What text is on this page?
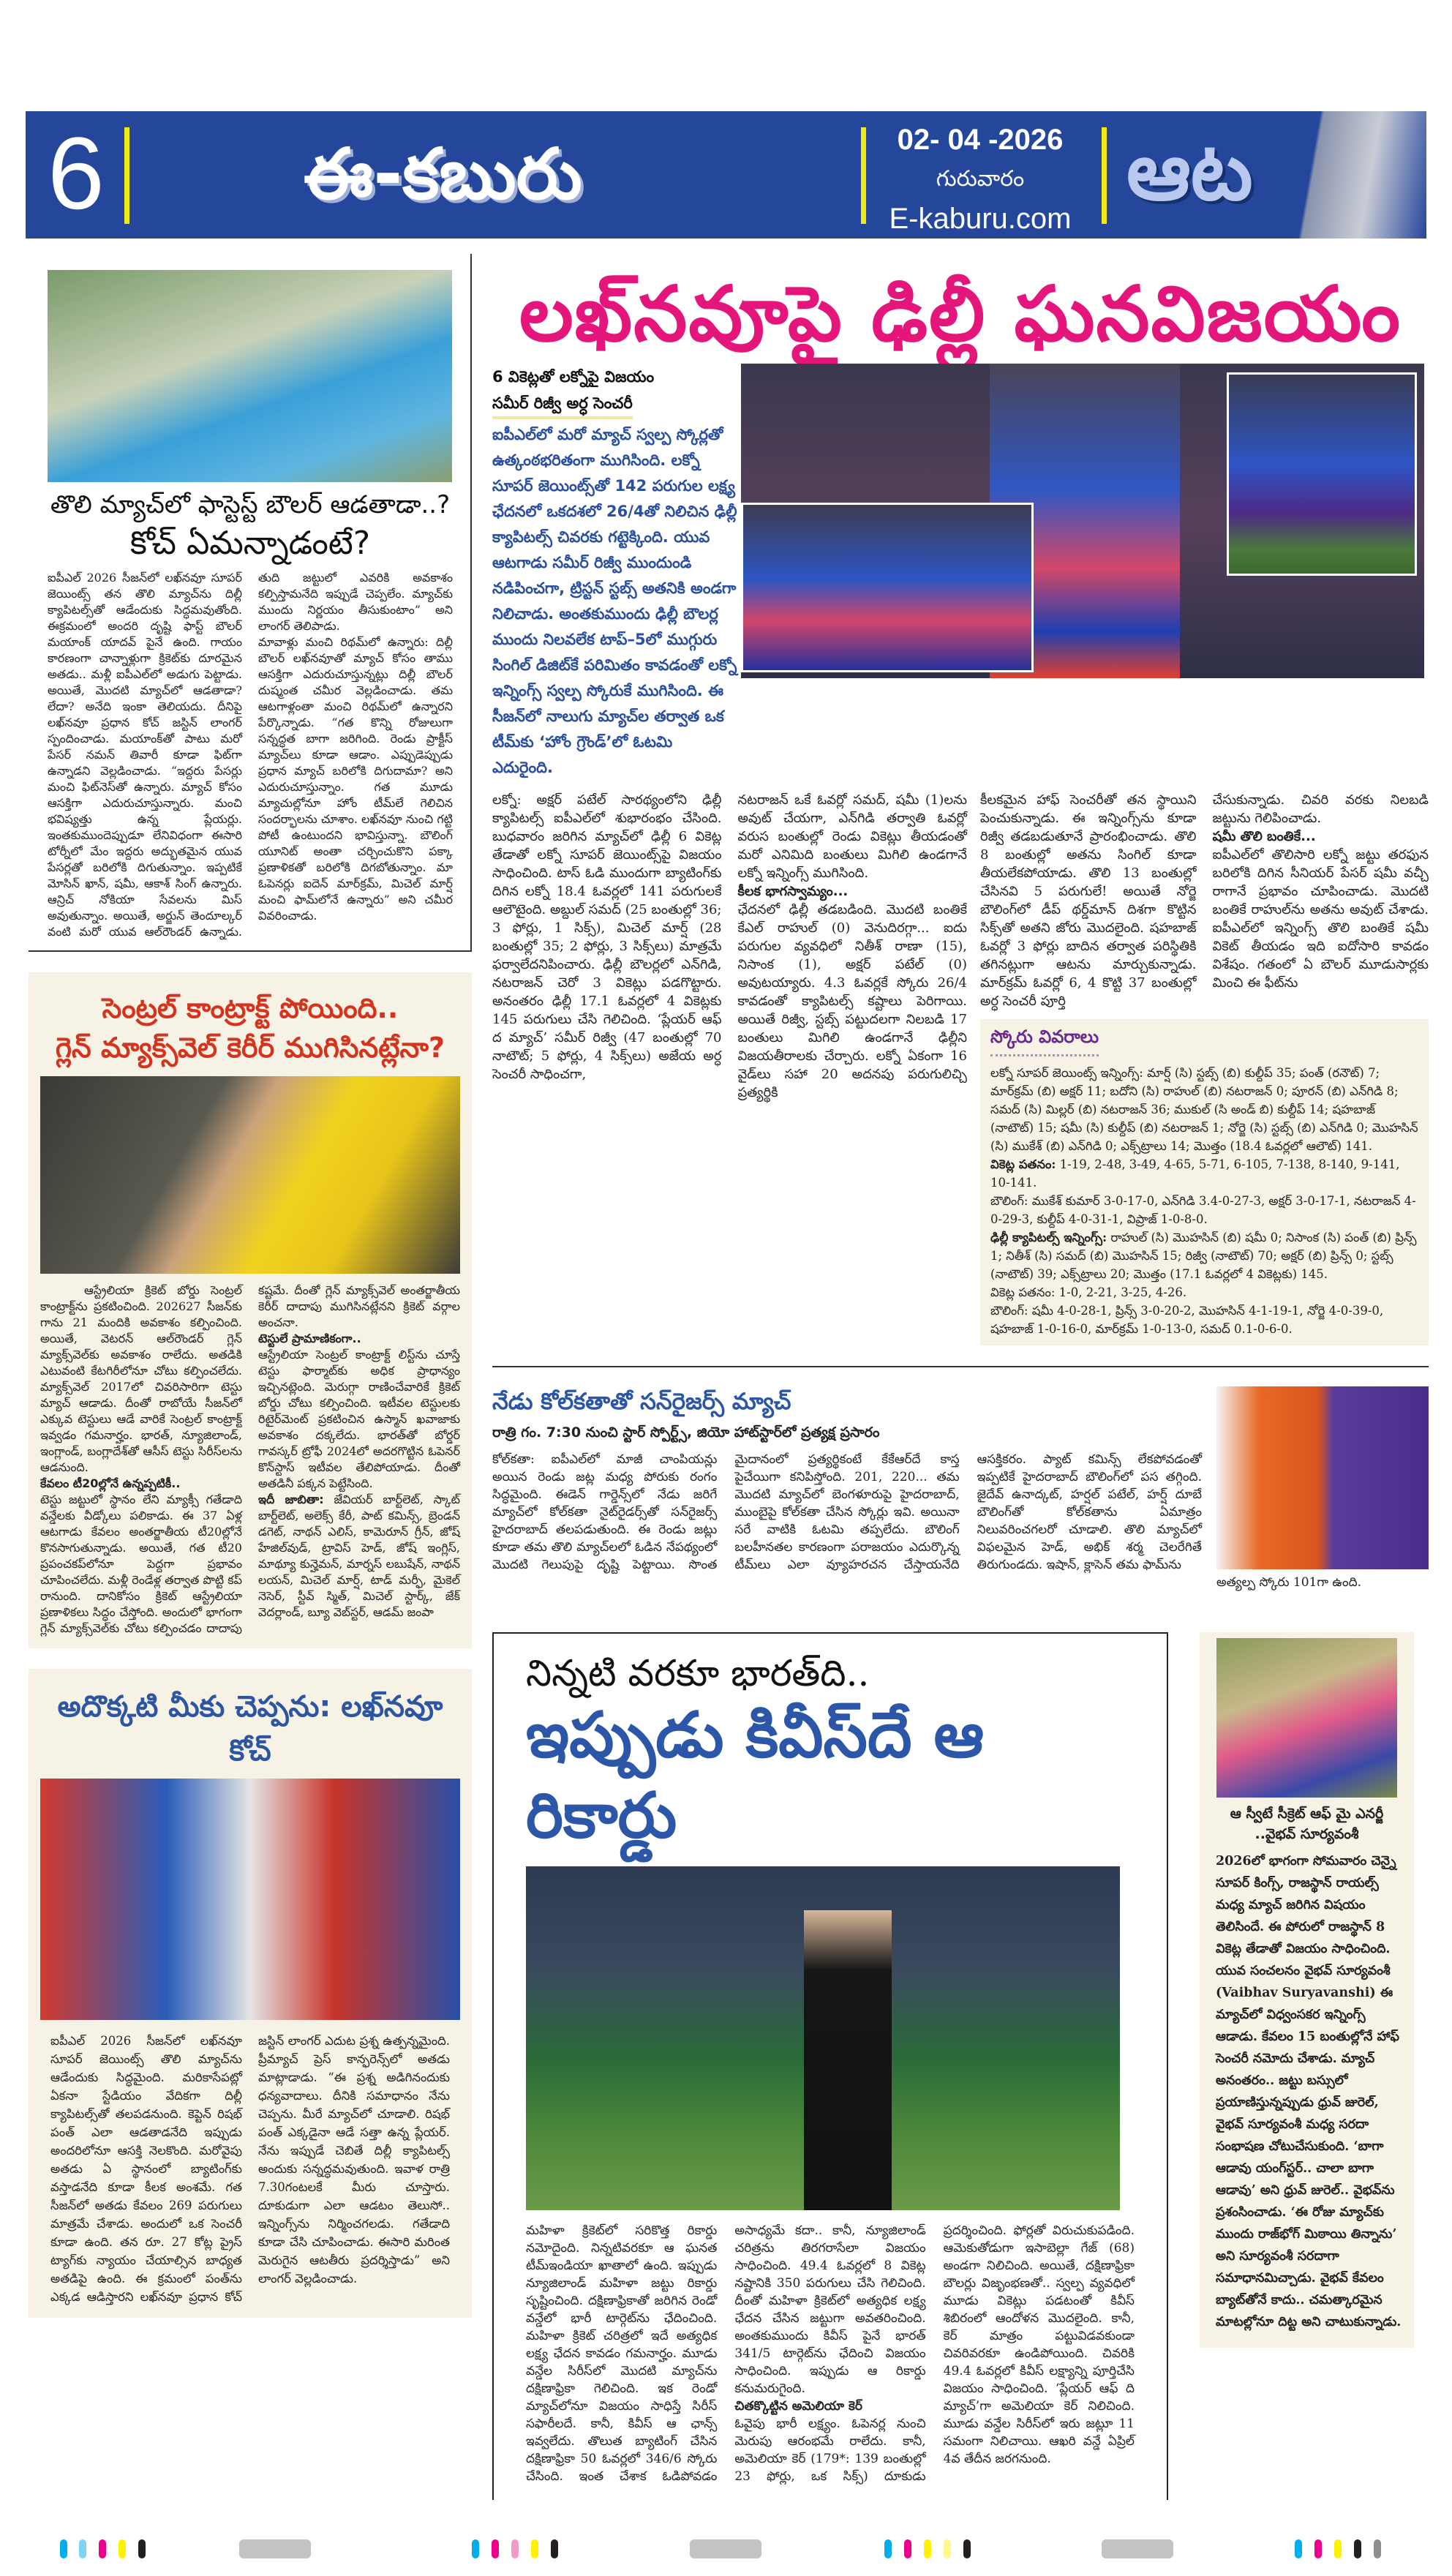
6	ఈ-కబురు	02- 04 -2026
గురువారం
E-kaburu.com
ఆట
తొలి మ్యాచ్‌లో ఫాస్టెస్ట్ బౌలర్ ఆడతాడా..?
కోచ్ ఏమన్నాడంటే?

ఐపీఎల్ 2026 సీజన్‌లో లఖ్‌నవూ సూపర్ జెయింట్స్ తన తొలి మ్యాచ్‌ను దిల్లీ క్యాపిటల్స్‌తో ఆడేందుకు సిద్ధమవుతోంది. ఈక్రమంలో అందరి దృష్టి ఫాస్ట్ బౌలర్ మయాంక్ యాదవ్ పైనే ఉంది. గాయం కారణంగా చాన్నాళ్లుగా క్రికెట్‌కు దూరమైన అతడు.. మళ్లీ ఐపీఎల్‌లో అడుగు పెట్టాడు. అయితే, మొదటి మ్యాచ్‌లో ఆడతాడా? లేదా? అనేది ఇంకా తెలియదు. దీనిపై లఖ్‌నవూ ప్రధాన కోచ్ జస్టిన్ లాంగర్ స్పందించాడు. మయాంక్‌తో పాటు మరో పేసర్ నమన్ తివారీ కూడా ఫిట్‌గా ఉన్నాడని వెల్లడించాడు. “ఇద్దరు పేసర్లు మంచి ఫిట్‌నెస్‌తో ఉన్నారు. మ్యాచ్ కోసం ఆసక్తిగా ఎదురుచూస్తున్నారు. మంచి భవిష్యత్తు ఉన్న ప్లేయర్లు. ఇంతకుముందెప్పుడూ లేనివిధంగా ఈసారి టోర్నీలో మేం ఇద్దరు అద్భుతమైన యువ పేసర్లతో బరిలోకి దిగుతున్నాం. ఇప్పటికే మోసిన్ ఖాన్, షమీ, ఆకాశ్ సింగ్ ఉన్నారు. ఆన్రిచ్ నోకియా సేవలను మిస్ అవుతున్నాం. అయితే, అర్జున్ తెందూల్కర్ వంటి మరో యువ ఆల్‌రౌండర్ ఉన్నాడు. తుది జట్టులో ఎవరికి అవకాశం కల్పిస్తామనేది ఇప్పుడే చెప్పలేం. మ్యాచ్‌కు ముందు నిర్ణయం తీసుకుంటాం” అని లాంగర్ తెలిపాడు.

మావాళ్లు మంచి రిథమ్‌లో ఉన్నారు: దిల్లీ బౌలర్ లఖ్‌నవూతో మ్యాచ్ కోసం తాము ఆసక్తిగా ఎదురుచూస్తున్నట్లు దిల్లీ బౌలర్ దుష్మంత చమీర వెల్లడించాడు. తమ ఆటగాళ్లంతా మంచి రిథమ్‌లో ఉన్నారని పేర్కొన్నాడు. “గత కొన్ని రోజులుగా సన్నద్ధత బాగా జరిగింది. రెండు ప్రాక్టీస్ మ్యాచ్‌లు కూడా ఆడాం. ఎప్పుడెప్పుడు ప్రధాన మ్యాచ్ బరిలోకి దిగుదామా? అని ఎదురుచూస్తున్నాం. గత మూడు మ్యాచుల్లోనూ హోం టీమ్‌లే గెలిచిన సందర్భాలను చూశాం. లఖ్‌నవూ నుంచి గట్టి పోటీ ఉంటుందని భావిస్తున్నా. బౌలింగ్ యూనిట్ అంతా చర్చించుకొని పక్కా ప్రణాళికతో బరిలోకి దిగబోతున్నాం. మా ఓపెనర్లు ఐదెన్ మార్‌క్రమ్, మిచెల్ మార్ష్ మంచి ఫామ్‌లోనే ఉన్నారు” అని చమీర వివరించాడు.

సెంట్రల్ కాంట్రాక్ట్ పోయింది..
గ్లెన్ మ్యాక్స్‌వెల్ కెరీర్ ముగిసినట్లేనా?

ఆస్ట్రేలియా క్రికెట్ బోర్డు సెంట్రల్ కాంట్రాక్ట్‌ను ప్రకటించింది. 202627 సీజన్‌కు గాను 21 మందికి అవకాశం కల్పించింది. అయితే, వెటరన్ ఆల్‌రౌండర్ గ్లెన్ మ్యాక్స్‌వెల్‌కు అవకాశం రాలేదు. అతడికి ఎటువంటి కేటగిరీలోనూ చోటు కల్పించలేదు. మ్యాక్స్‌వెల్ 2017లో చివరిసారిగా టెస్టు మ్యాచ్ ఆడాడు. దీంతో రాబోయే సీజన్‌లో ఎక్కువ టెస్టులు ఆడే వారికే సెంట్రల్ కాంట్రాక్ట్ ఇవ్వడం గమనార్హం. భారత్, న్యూజిలాండ్, ఇంగ్లాండ్, బంగ్లాదేశ్‌తో ఆసీస్ టెస్టు సిరీస్‌లను ఆడనుంది.

కేవలం టీ20ల్లోనే ఉన్నప్పటికీ..

టెస్టు జట్టులో స్థానం లేని మ్యాక్సీ గతేడాది వన్డేలకు వీడ్కోలు పలికాడు. ఈ 37 ఏళ్ల ఆటగాడు కేవలం అంతర్జాతీయ టీ20ల్లోనే కొనసాగుతున్నాడు. అయితే, గత టీ20 ప్రపంచకప్‌లోనూ పెద్దగా ప్రభావం చూపించలేదు. మళ్లీ రెండేళ్ల తర్వాత పొట్టి కప్ రానుంది. దానికోసం క్రికెట్ ఆస్ట్రేలియా ప్రణాళికలు సిద్ధం చేస్తోంది. అందులో భాగంగా గ్లెన్ మ్యాక్స్‌వెల్‌కు చోటు కల్పించడం దాదాపు కష్టమే. దీంతో గ్లెన్ మ్యాక్స్‌వెల్ అంతర్జాతీయ కెరీర్ దాదాపు ముగిసినట్లేనని క్రికెట్ వర్గాల అంచనా.

టెస్టులే ప్రామాణికంగా..

ఆస్ట్రేలియా సెంట్రల్ కాంట్రాక్ట్ లిస్ట్‌ను చూస్తే టెస్టు ఫార్మాట్‌కు అధిక ప్రాధాన్యం ఇచ్చినట్లెంది. మెరుగ్గా రాణించేవారికే క్రికెట్ బోర్డు చోటు కల్పించింది. ఇటీవల టెస్టులకు రిటైర్‌మెంట్ ప్రకటించిన ఉస్మాన్ ఖవాజాకు అవకాశం దక్కలేదు. భారత్‌తో బోర్డర్ గావస్కర్ ట్రోఫీ 2024లో అదరగొట్టిన ఓపెనర్ కొన్‌స్టాస్ ఇటీవల తేలిపోయాడు. దీంతో అతడినీ పక్కన పెట్టేసింది.

ఇదీ జాబితా: జేవియర్ బార్ట్‌లెట్, స్కాట్ బార్ట్‌లెట్, అలెక్స్ కేరీ, పాట్ కమిన్స్, బ్రెండన్ డగెట్, నాథన్ ఎలిస్, కామెరూన్ గ్రీన్, జోష్ హేజిల్‌వుడ్, ట్రావిస్ హెడ్, జోష్ ఇంగ్లిస్, మాథ్యూ కున్హెమన్, మార్నస్ లబుషేన్, నాథన్ లయన్, మిచెల్ మార్ష్, టాడ్ మర్ఫీ, మైకెల్ నెసెర్, స్టీవ్ స్మిత్, మిచెల్ స్టార్క్, జేక్ వెదర్లాండ్, బ్యూ వెబ్‌స్టర్, ఆడమ్ జంపా

అదొక్కటి మీకు చెప్పను: లఖ్‌నవూ కోచ్
ఐపీఎల్ 2026 సీజన్‌లో లఖ్‌నవూ సూపర్ జెయింట్స్ తొలి మ్యాచ్‌ను ఆడేందుకు సిద్ధమైంది. మరికాసేపట్లో ఏకనా స్టేడియం వేదికగా దిల్లీ క్యాపిటల్స్‌తో తలపడనుంది. కెప్టెన్ రిషభ్ పంత్ ఎలా ఆడతాడనేది ఇప్పుడు అందరిలోనూ ఆసక్తి నెలకొంది. మరోవైపు అతడు ఏ స్థానంలో బ్యాటింగ్‌కు వస్తాడనేది కూడా కీలక అంశమే. గత సీజన్‌లో అతడు కేవలం 269 పరుగులు మాత్రమే చేశాడు. అందులో ఒక సెంచరీ కూడా ఉంది. తన రూ. 27 కోట్ల ప్రైస్ ట్యాగ్‌కు న్యాయం చేయాల్సిన బాధ్యత అతడిపై ఉంది. ఈ క్రమంలో పంత్‌ను ఎక్కడ ఆడిస్తారని లఖ్‌నవూ ప్రధాన కోచ్ జస్టిన్ లాంగర్ ఎదుట ప్రశ్న ఉత్పన్నమైంది. ప్రీమ్యాచ్ ప్రెస్ కాన్ఫరెన్స్‌లో అతడు మాట్లాడాడు. “ఈ ప్రశ్న అడిగినందుకు ధన్యవాదాలు. దీనికి సమాధానం నేను చెప్పను. మీరే మ్యాచ్‌లో చూడాలి. రిషభ్ పంత్ ఎక్కడైనా ఆడే సత్తా ఉన్న ప్లేయర్. నేను ఇప్పుడే చెబితే దిల్లీ క్యాపిటల్స్ అందుకు సన్నద్ధమవుతుంది. ఇవాళ రాత్రి 7.30గంటలకే మీరు చూస్తారు. దూకుడుగా ఎలా ఆడటం తెలుసో.. ఇన్నింగ్స్‌ను నిర్మించగలడు. గతేడాది కూడా చేసి చూపించాడు. ఈసారి మరింత మెరుగైన ఆటతీరు ప్రదర్శిస్తాడు” అని లాంగర్ వెల్లడించాడు.
లఖ్‌నవూపై ఢిల్లీ ఘనవిజయం
6 వికెట్లతో లక్నోపై విజయం
సమీర్ రిజ్వీ అర్ధ సెంచరీ
ఐపీఎల్‌లో మరో మ్యాచ్ స్వల్ప స్కోర్లతో ఉత్కంఠభరితంగా ముగిసింది. లక్నో సూపర్ జెయింట్స్‌తో 142 పరుగుల లక్ష్య ఛేదనలో ఒకదశలో 26/4తో నిలిచిన ఢిల్లీ క్యాపిటల్స్ చివరకు గట్టెక్కింది. యువ ఆటగాడు సమీర్ రిజ్వీ ముందుండి నడిపించగా, ట్రిస్టన్ స్టబ్స్ అతనికి అండగా నిలిచాడు. అంతకుముందు ఢిల్లీ బౌలర్ల ముందు నిలవలేక టాప్–5లో ముగ్గురు సింగిల్ డిజిట్‌కే పరిమితం కావడంతో లక్నో ఇన్నింగ్స్ స్వల్ప స్కోరుకే ముగిసింది. ఈ సీజన్‌లో నాలుగు మ్యాచ్‌ల తర్వాత ఒక టీమ్‌కు ‘హోం గ్రౌండ్’లో ఓటమి ఎదురైంది.

లక్నో: అక్షర్ పటేల్ సారథ్యంలోని ఢిల్లీ క్యాపిటల్స్ ఐపీఎల్‌లో శుభారంభం చేసింది. బుధవారం జరిగిన మ్యాచ్‌లో ఢిల్లీ 6 వికెట్ల తేడాతో లక్నో సూపర్ జెయింట్స్‌పై విజయం సాధించింది. టాస్ ఓడి ముందుగా బ్యాటింగ్‌కు దిగిన లక్నో 18.4 ఓవర్లలో 141 పరుగులకే ఆలౌటైంది. అబ్దుల్ సమద్ (25 బంతుల్లో 36; 3 ఫోర్లు, 1 సిక్స్), మిచెల్ మార్ష్ (28 బంతుల్లో 35; 2 ఫోర్లు, 3 సిక్స్‌లు) మాత్రమే ఫర్వాలేదనిపించారు. ఢిల్లీ బౌలర్లలో ఎన్‌గిడి, నటరాజన్ చెరో 3 వికెట్లు పడగొట్టారు. అనంతరం ఢిల్లీ 17.1 ఓవర్లలో 4 వికెట్లకు 145 పరుగులు చేసి గెలిచింది. ‘ప్లేయర్ ఆఫ్ ద మ్యాచ్’ సమీర్ రిజ్వీ (47 బంతుల్లో 70 నాటౌట్; 5 ఫోర్లు, 4 సిక్స్‌లు) అజేయ అర్ధ సెంచరీ సాధించగా,

నటరాజన్ ఒకే ఓవర్లో సమద్, షమీ (1)లను అవుట్ చేయగా, ఎన్‌గిడి తర్వాతి ఓవర్లో వరుస బంతుల్లో రెండు వికెట్లు తీయడంతో మరో ఎనిమిది బంతులు మిగిలి ఉండగానే లక్నో ఇన్నింగ్స్ ముగిసింది.

కీలక భాగస్వామ్యం...

ఛేదనలో ఢిల్లీ తడబడింది. మొదటి బంతికే కేఎల్ రాహుల్ (0) వెనుదిరగ్గా... ఐదు పరుగుల వ్యవధిలో నితీశ్ రాణా (15), నిసాంక (1), అక్షర్ పటేల్ (0) అవుటయ్యారు. 4.3 ఓవర్లకే స్కోరు 26/4 కావడంతో క్యాపిటల్స్ కష్టాలు పెరిగాయి. అయితే రిజ్వీ, స్టబ్స్ పట్టుదలగా నిలబడి 17 బంతులు మిగిలి ఉండగానే ఢిల్లీని విజయతీరాలకు చేర్చారు. లక్నో ఏకంగా 16 వైడ్‌లు సహా 20 అదనపు పరుగులిచ్చి ప్రత్యర్థికి

కీలకమైన హాఫ్ సెంచరీతో తన స్థాయిని పెంచుకున్నాడు. ఈ ఇన్నింగ్స్‌ను కూడా రిజ్వీ తడబడుతూనే ప్రారంభించాడు. తొలి 8 బంతుల్లో అతను సింగిల్ కూడా తీయలేకపోయాడు. తొలి 13 బంతుల్లో చేసినవి 5 పరుగులే! అయితే నోర్జె బౌలింగ్‌లో డీప్ థర్డ్‌మాన్ దిశగా కొట్టిన సిక్స్‌తో అతని జోరు మొదలైంది. షహబాజ్ ఓవర్లో 3 ఫోర్లు బాదిన తర్వాత పరిస్థితికి తగినట్లుగా ఆటను మార్చుకున్నాడు. మార్‌క్రమ్ ఓవర్లో 6, 4 కొట్టి 37 బంతుల్లో అర్ధ సెంచరీ పూర్తి

చేసుకున్నాడు. చివరి వరకు నిలబడి జట్టును గెలిపించాడు.

షమీ తొలి బంతికే...

ఐపీఎల్‌లో తొలిసారి లక్నో జట్టు తరఫున బరిలోకి దిగిన సీనియర్ పేసర్ షమీ వచ్చీ రాగానే ప్రభావం చూపించాడు. మొదటి బంతికే రాహుల్‌ను అతను అవుట్ చేశాడు. ఐపీఎల్‌లో ఇన్నింగ్స్ తొలి బంతికే షమీ వికెట్ తీయడం ఇది ఐదోసారి కావడం విశేషం. గతంలో ఏ బౌలర్ మూడుసార్లకు మించి ఈ ఫీట్‌ను

స్కోరు వివరాలు

లక్నో సూపర్ జెయింట్స్ ఇన్నింగ్స్: మార్ష్ (సి) స్టబ్స్ (బి) కుల్దీప్ 35; పంత్ (రనౌట్) 7; మార్‌క్రమ్ (బి) అక్షర్ 11; బదోని (సి) రాహుల్ (బి) నటరాజన్ 0; పూరన్ (బి) ఎన్‌గిడి 8; సమద్ (సి) మిల్లర్ (బి) నటరాజన్ 36; ముకుల్ (సి అండ్ బి) కుల్దీప్ 14; షహబాజ్ (నాటౌట్) 15; షమీ (సి) కుల్దీప్ (బి) నటరాజన్ 1; నోర్జె (సి) స్టబ్స్ (బి) ఎన్‌గిడి 0; మొహసిన్ (సి) ముకేశ్ (బి) ఎన్‌గిడి 0; ఎక్స్‌ట్రాలు 14; మొత్తం (18.4 ఓవర్లలో ఆలౌట్) 141.

వికెట్ల పతనం: 1-19, 2-48, 3-49, 4-65, 5-71, 6-105, 7-138, 8-140, 9-141, 10-141.

బౌలింగ్: ముకేశ్ కుమార్ 3-0-17-0, ఎన్‌గిడి 3.4-0-27-3, అక్షర్ 3-0-17-1, నటరాజన్ 4-0-29-3, కుల్దీప్ 4-0-31-1, విప్రాజ్ 1-0-8-0.

ఢిల్లీ క్యాపిటల్స్ ఇన్నింగ్స్: రాహుల్ (సి) మొహసిన్ (బి) షమీ 0; నిసాంక (సి) పంత్ (బి) ప్రిన్స్ 1; నితీశ్ (సి) సమద్ (బి) మొహసిన్ 15; రిజ్వీ (నాటౌట్) 70; అక్షర్ (బి) ప్రిన్స్ 0; స్టబ్స్ (నాటౌట్) 39; ఎక్స్‌ట్రాలు 20; మొత్తం (17.1 ఓవర్లలో 4 వికెట్లకు) 145.

వికెట్ల పతనం: 1-0, 2-21, 3-25, 4-26.

బౌలింగ్: షమీ 4-0-28-1, ప్రిన్స్ 3-0-20-2, మొహసిన్ 4-1-19-1, నోర్జె 4-0-39-0, షహబాజ్ 1-0-16-0, మార్‌క్రమ్ 1-0-13-0, సమద్ 0.1-0-6-0.

నేడు కోల్‌కతాతో సన్‌రైజర్స్ మ్యాచ్
రాత్రి గం. 7:30 నుంచి స్టార్ స్పోర్ట్స్, జియో హాట్‌స్టార్‌లో ప్రత్యక్ష ప్రసారం
కోల్‌కతా: ఐపీఎల్‌లో మాజీ చాంపియన్లు అయిన రెండు జట్ల మధ్య పోరుకు రంగం సిద్ధమైంది. ఈడెన్ గార్డెన్స్‌లో నేడు జరిగే మ్యాచ్‌లో కోల్‌కతా నైట్‌రైడర్స్‌తో సన్‌రైజర్స్ హైదరాబాద్ తలపడుతుంది. ఈ రెండు జట్లు కూడా తమ తొలి మ్యాచ్‌లలో ఓడిన నేపథ్యంలో మొదటి గెలుపుపై దృష్టి పెట్టాయి. సొంత మైదానంలో ప్రత్యర్థికంటే కేకేఆర్‌దే కాస్త పైచేయిగా కనిపిస్తోంది. 201, 220... తమ మొదటి మ్యాచ్‌లో బెంగళూరుపై హైదరాబాద్, ముంబైపై కోల్‌కతా చేసిన స్కోర్లు ఇవి. అయినా సరే వాటికి ఓటమి తప్పలేదు. బౌలింగ్ బలహీనతల కారణంగా పరాజయం ఎదుర్కొన్న టీమ్‌లు ఎలా వ్యూహరచన చేస్తాయనేది ఆసక్తికరం. ప్యాట్ కమిన్స్ లేకపోవడంతో ఇప్పటికే హైదరాబాద్ బౌలింగ్‌లో పస తగ్గింది. జైదేవ్ ఉనాద్కట్, హర్షల్ పటేల్, హర్ష్ దూబే బౌలింగ్‌తో కోల్‌కతాను ఏమాత్రం నిలువరించగలరో చూడాలి. తొలి మ్యాచ్‌లో విఫలమైన హెడ్, అభిక్ శర్మ చెలరేగితే తిరుగుండదు. ఇషాన్, క్లాసెన్ తమ ఫామ్‌ను
అత్యల్ప స్కోరు 101గా ఉంది.
నిన్నటి వరకూ భారత్‌ది..
ఇప్పుడు కివీస్‌దే ఆ రికార్డు

మహిళా క్రికెట్‌లో సరికొత్త రికార్డు నమోదైంది. నిన్నటివరకూ ఆ ఘనత టీమ్ఇండియా ఖాతాలో ఉంది. ఇప్పుడు న్యూజిలాండ్ మహిళా జట్టు రికార్డు సృష్టించింది. దక్షిణాఫ్రికాతో జరిగిన రెండో వన్డేలో భారీ టార్గెట్‌ను ఛేదించింది. మహిళా క్రికెట్ చరిత్రలో ఇదే అత్యధిక లక్ష్య ఛేదన కావడం గమనార్హం. మూడు వన్డేల సిరీస్‌లో మొదటి మ్యాచ్‌ను దక్షిణాఫ్రికా గెలిచింది. ఇక రెండో మ్యాచ్‌లోనూ విజయం సాధిస్తే సిరీస్ సఫారీలదే. కానీ, కివీస్ ఆ ఛాన్స్ ఇవ్వలేదు. తొలుత బ్యాటింగ్ చేసిన దక్షిణాఫ్రికా 50 ఓవర్లలో 346/6 స్కోరు చేసింది. ఇంత చేశాక ఓడిపోవడం అసాధ్యమే కదా.. కానీ, న్యూజిలాండ్ చరిత్రను తిరగరాసేలా విజయం సాధించింది. 49.4 ఓవర్లలో 8 వికెట్ల నష్టానికి 350 పరుగులు చేసి గెలిచింది. దీంతో మహిళా క్రికెట్‌లో అత్యధిక లక్ష్య ఛేదన చేసిన జట్టుగా అవతరించింది. అంతకుముందు కివీస్ పైనే భారత్ 341/5 టార్గెట్‌ను ఛేదించి విజయం సాధించింది. ఇప్పుడు ఆ రికార్డు కనుమరుగైంది.

చితక్కొట్టిన అమెలియా కెర్

ఓవైపు భారీ లక్ష్యం. ఓపెనర్ల నుంచి మెరుపు ఆరంభమే రాలేదు. కానీ, అమెలియా కెర్ (179*: 139 బంతుల్లో 23 ఫోర్లు, ఒక సిక్స్) దూకుడు ప్రదర్శించింది. ఫోర్లతో విరుచుకుపడింది. ఆమెకుతోడుగా ఇసాబెల్లా గేజ్ (68) అండగా నిలిచింది. అయితే, దక్షిణాఫ్రికా బౌలర్లు విజృంభణతో.. స్వల్ప వ్యవధిలో మూడు వికెట్లు పడటంతో కివీస్ శిబిరంలో ఆందోళన మొదలైంది. కానీ, కెర్ మాత్రం పట్టువిడవకుండా చివరివరకూ ఉండిపోయింది. చివరికి 49.4 ఓవర్లలో కివీస్ లక్ష్యాన్ని పూర్తిచేసి విజయం సాధించింది. ‘ప్లేయర్ ఆఫ్ ది మ్యాచ్’గా అమెలియా కెర్ నిలిచింది. మూడు వన్డేల సిరీస్‌లో ఇరు జట్లూ 11 సమంగా నిలిచాయి. ఆఖరి వన్డే ఏప్రిల్ 4వ తేదీన జరగనుంది.

ఆ స్వీటే సీక్రెట్ ఆఫ్ మై ఎనర్జీ
..వైభవ్ సూర్యవంశీ
2026లో భాగంగా సోమవారం చెన్నై సూపర్ కింగ్స్, రాజస్థాన్ రాయల్స్ మధ్య మ్యాచ్ జరిగిన విషయం తెలిసిందే. ఈ పోరులో రాజస్థాన్ 8 వికెట్ల తేడాతో విజయం సాధించింది. యువ సంచలనం వైభవ్ సూర్యవంశీ (Vaibhav Suryavanshi) ఈ మ్యాచ్‌లో విధ్వంసకర ఇన్నింగ్స్ ఆడాడు. కేవలం 15 బంతుల్లోనే హాఫ్ సెంచరీ నమోదు చేశాడు. మ్యాచ్ అనంతరం.. జట్టు బస్సులో ప్రయాణిస్తున్నప్పుడు ధ్రువ్ జురెల్, వైభవ్ సూర్యవంశీ మధ్య సరదా సంభాషణ చోటుచేసుకుంది. ‘బాగా ఆడావు యంగ్‌స్టర్.. చాలా బాగా ఆడావు’ అని ధ్రువ్ జురెల్.. వైభవ్‌ను ప్రశంసించాడు. ‘ఈ రోజు మ్యాచ్‌కు ముందు రాజ్‌భోగ్ మిఠాయి తిన్నాను’ అని సూర్యవంశీ సరదాగా సమాధానమిచ్చాడు. వైభవ్ కేవలం బ్యాట్‌తోనే కాదు.. చమత్కారమైన మాటల్లోనూ దిట్ట అని చాటుకున్నాడు.
